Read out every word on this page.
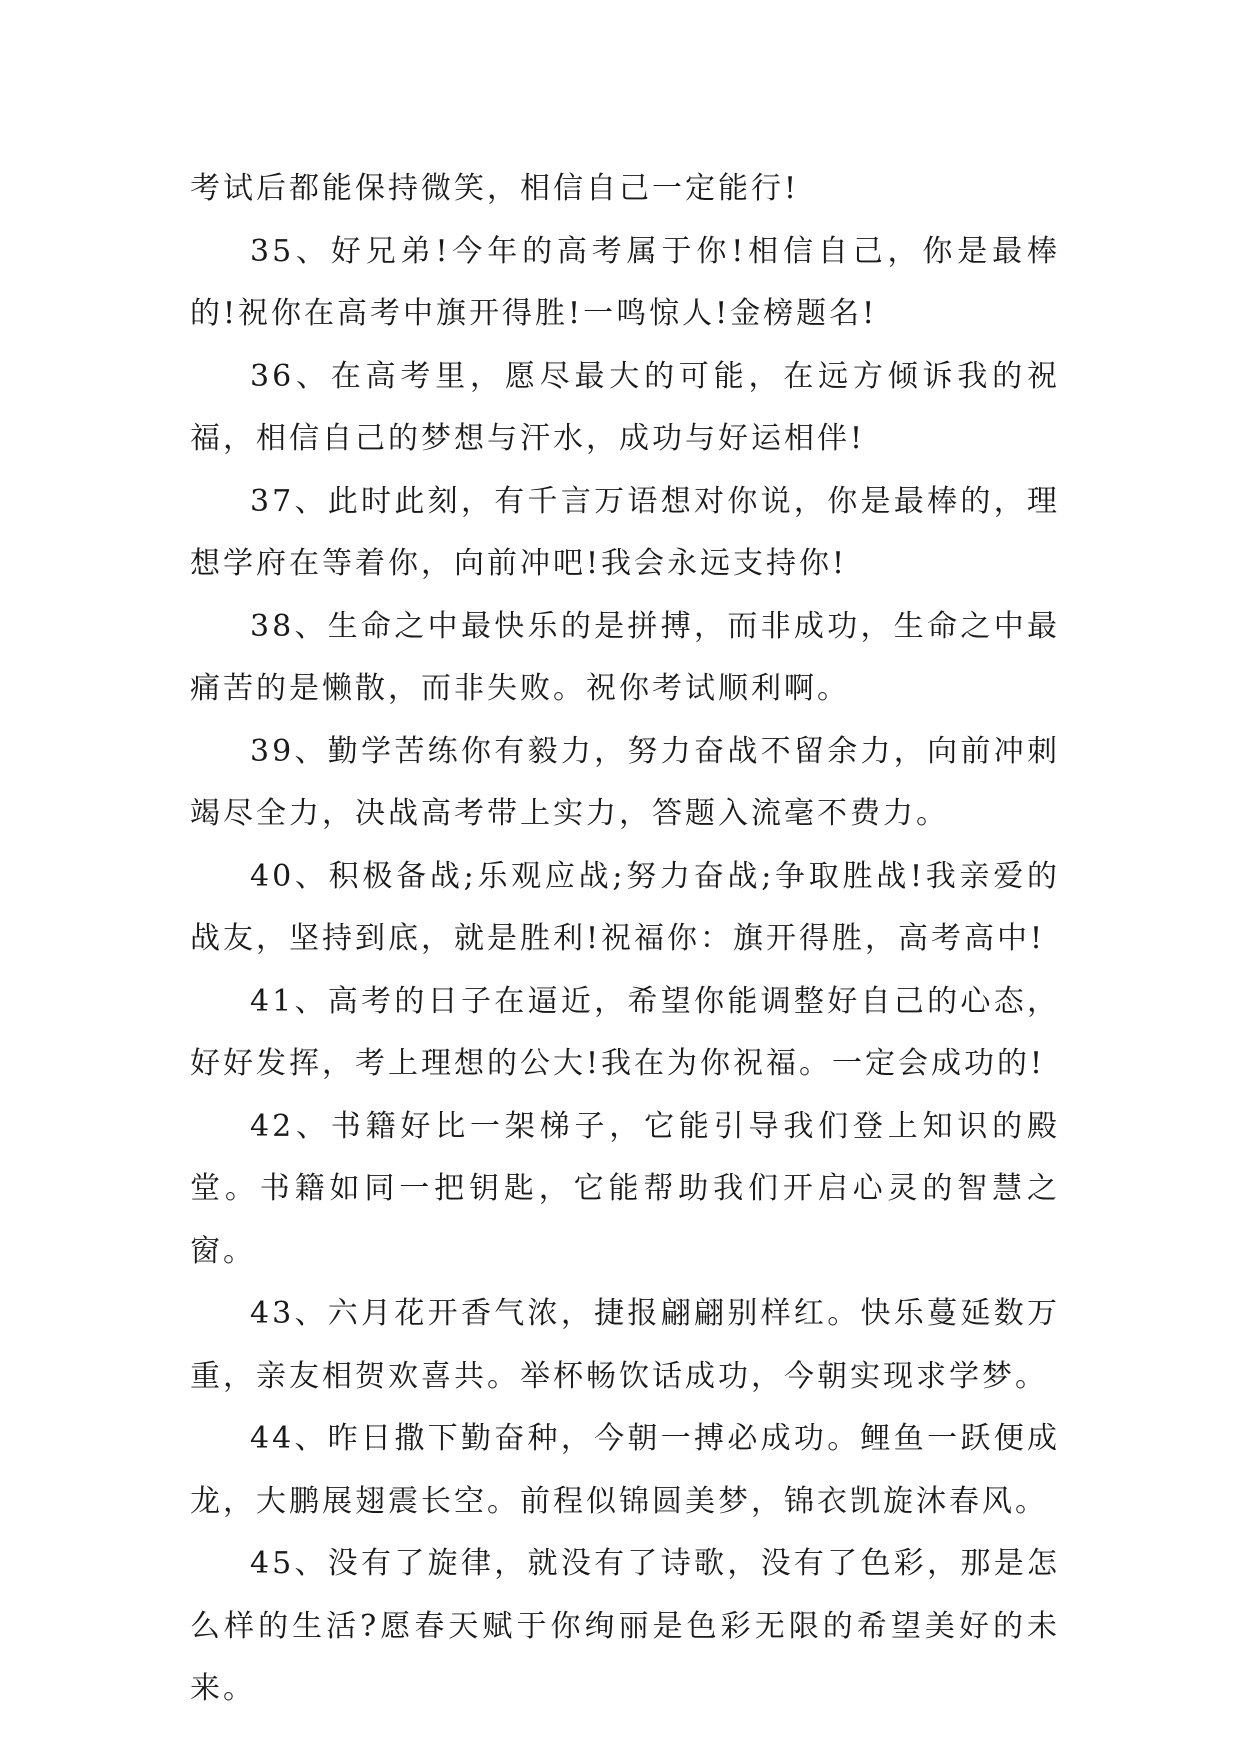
考试后都能保持微笑，相信自己一定能行!

35、好兄弟!今年的高考属于你!相信自己，你是最棒的!祝你在高考中旗开得胜!一鸣惊人!金榜题名!

36、在高考里，愿尽最大的可能，在远方倾诉我的祝福，相信自己的梦想与汗水，成功与好运相伴!

37、此时此刻，有千言万语想对你说，你是最棒的，理想学府在等着你，向前冲吧!我会永远支持你!

38、生命之中最快乐的是拼搏，而非成功，生命之中最痛苦的是懒散，而非失败。祝你考试顺利啊。

39、勤学苦练你有毅力，努力奋战不留余力，向前冲刺竭尽全力，决战高考带上实力，答题入流毫不费力。

40、积极备战;乐观应战;努力奋战;争取胜战!我亲爱的战友，坚持到底，就是胜利!祝福你：旗开得胜，高考高中!

41、高考的日子在逼近，希望你能调整好自己的心态，好好发挥，考上理想的公大!我在为你祝福。一定会成功的!

42、书籍好比一架梯子，它能引导我们登上知识的殿堂。书籍如同一把钥匙，它能帮助我们开启心灵的智慧之窗。

43、六月花开香气浓，捷报翩翩别样红。快乐蔓延数万重，亲友相贺欢喜共。举杯畅饮话成功，今朝实现求学梦。

44、昨日撒下勤奋种，今朝一搏必成功。鲤鱼一跃便成龙，大鹏展翅震长空。前程似锦圆美梦，锦衣凯旋沐春风。

45、没有了旋律，就没有了诗歌，没有了色彩，那是怎么样的生活?愿春天赋于你绚丽是色彩无限的希望美好的未来。
